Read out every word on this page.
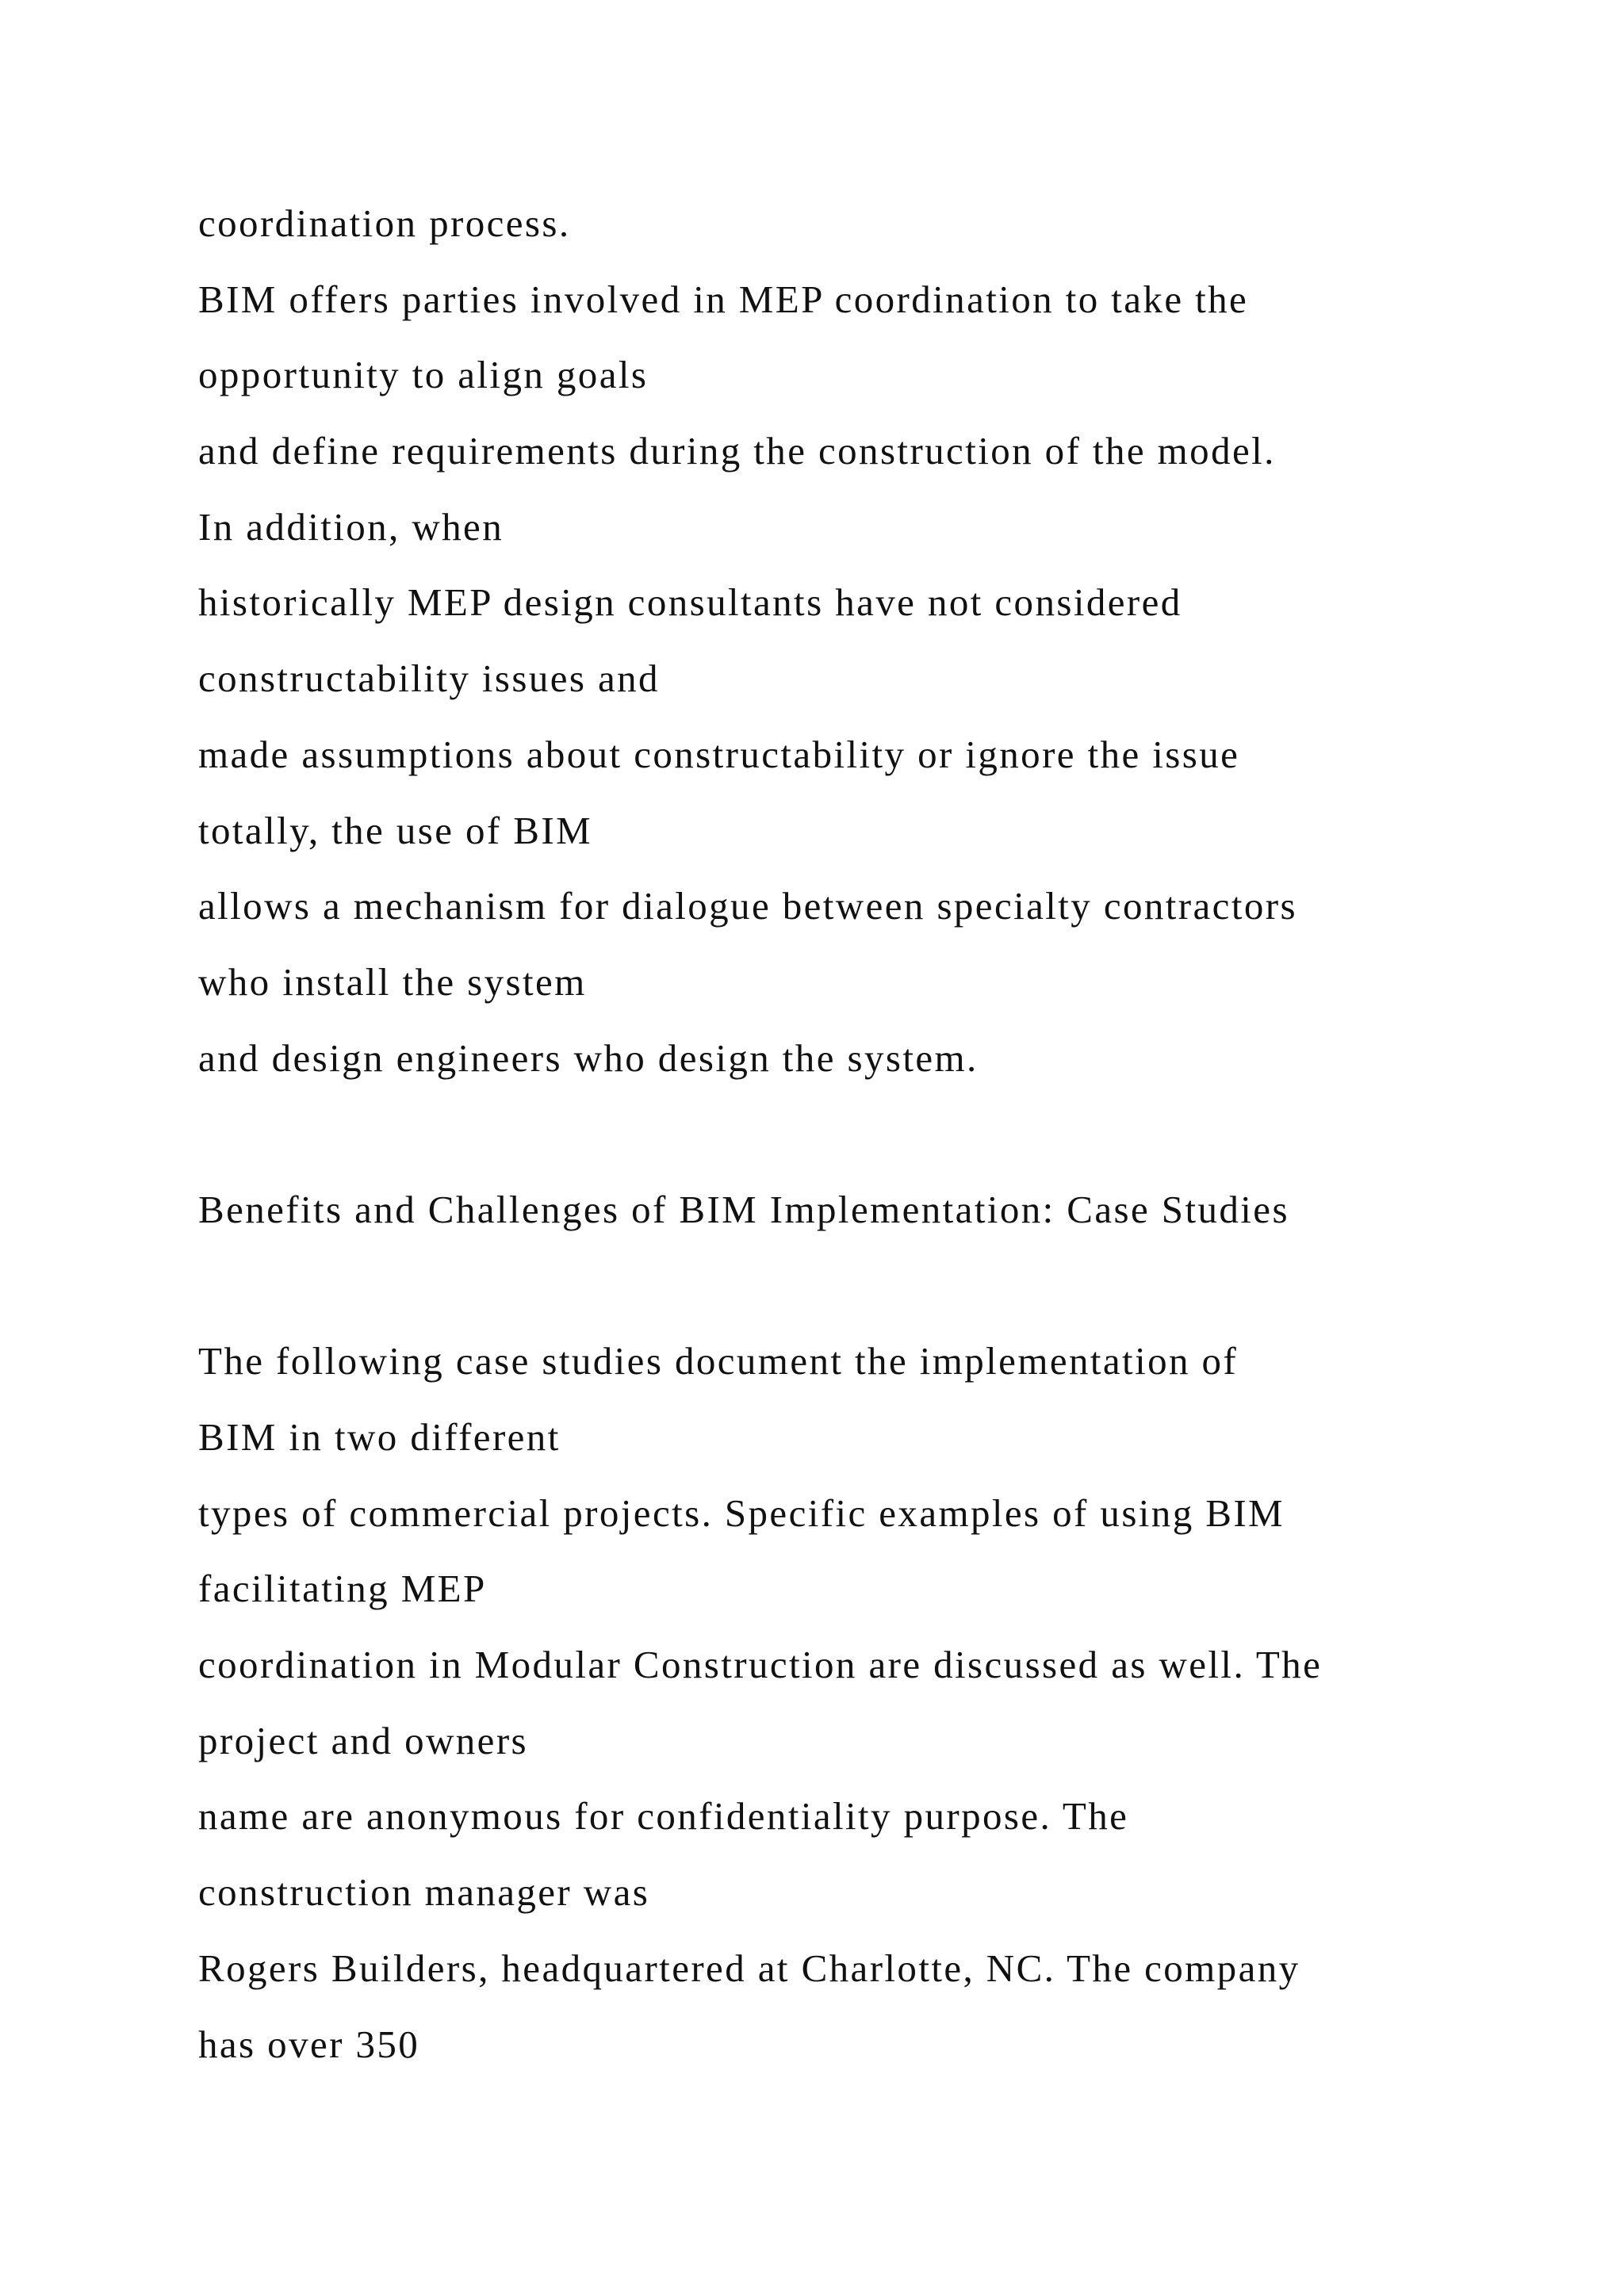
coordination process.
BIM offers parties involved in MEP coordination to take the
opportunity to align goals
and define requirements during the construction of the model.
In addition, when
historically MEP design consultants have not considered
constructability issues and
made assumptions about constructability or ignore the issue
totally, the use of BIM
allows a mechanism for dialogue between specialty contractors
who install the system
and design engineers who design the system.
Benefits and Challenges of BIM Implementation: Case Studies
The following case studies document the implementation of
BIM in two different
types of commercial projects. Specific examples of using BIM
facilitating MEP
coordination in Modular Construction are discussed as well. The
project and owners
name are anonymous for confidentiality purpose. The
construction manager was
Rogers Builders, headquartered at Charlotte, NC. The company
has over 350
